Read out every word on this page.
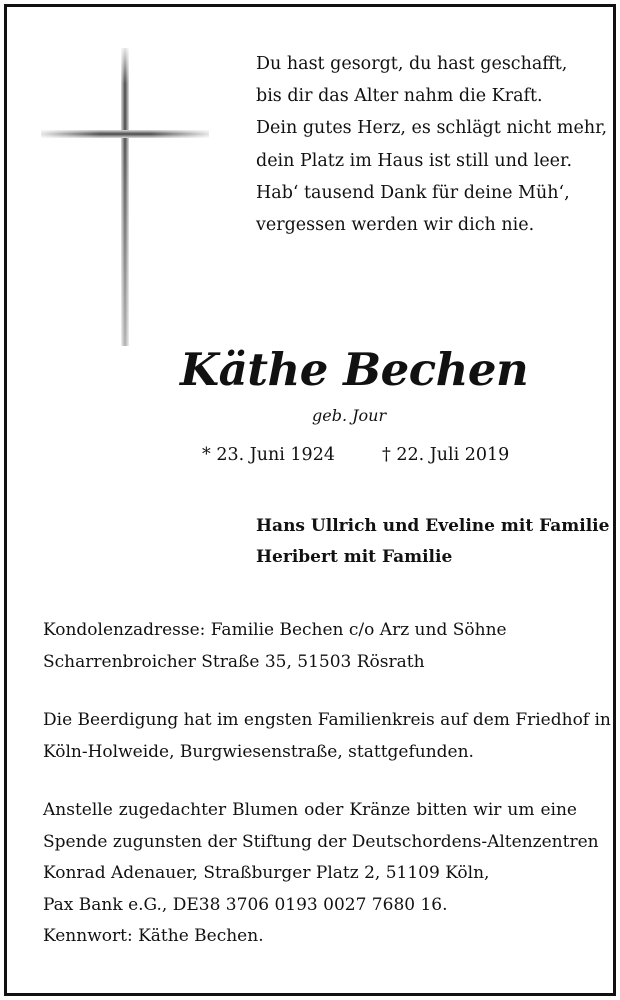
Du hast gesorgt, du hast geschafft,
bis dir das Alter nahm die Kraft.
Dein gutes Herz, es schlägt nicht mehr,
dein Platz im Haus ist still und leer.
Hab‘ tausend Dank für deine Müh‘,
vergessen werden wir dich nie.
Käthe Bechen
geb. Jour
* 23. Juni 1924	† 22. Juli 2019
Hans Ullrich und Eveline mit Familie
Heribert mit Familie
Kondolenzadresse: Familie Bechen c/o Arz und Söhne
Scharrenbroicher Straße 35, 51503 Rösrath
Die Beerdigung hat im engsten Familienkreis auf dem Friedhof in
Köln-Holweide, Burgwiesenstraße, stattgefunden.
Anstelle zugedachter Blumen oder Kränze bitten wir um eine
Spende zugunsten der Stiftung der Deutschordens-Altenzentren
Konrad Adenauer, Straßburger Platz 2, 51109 Köln,
Pax Bank e.G., DE38 3706 0193 0027 7680 16.
Kennwort: Käthe Bechen.
